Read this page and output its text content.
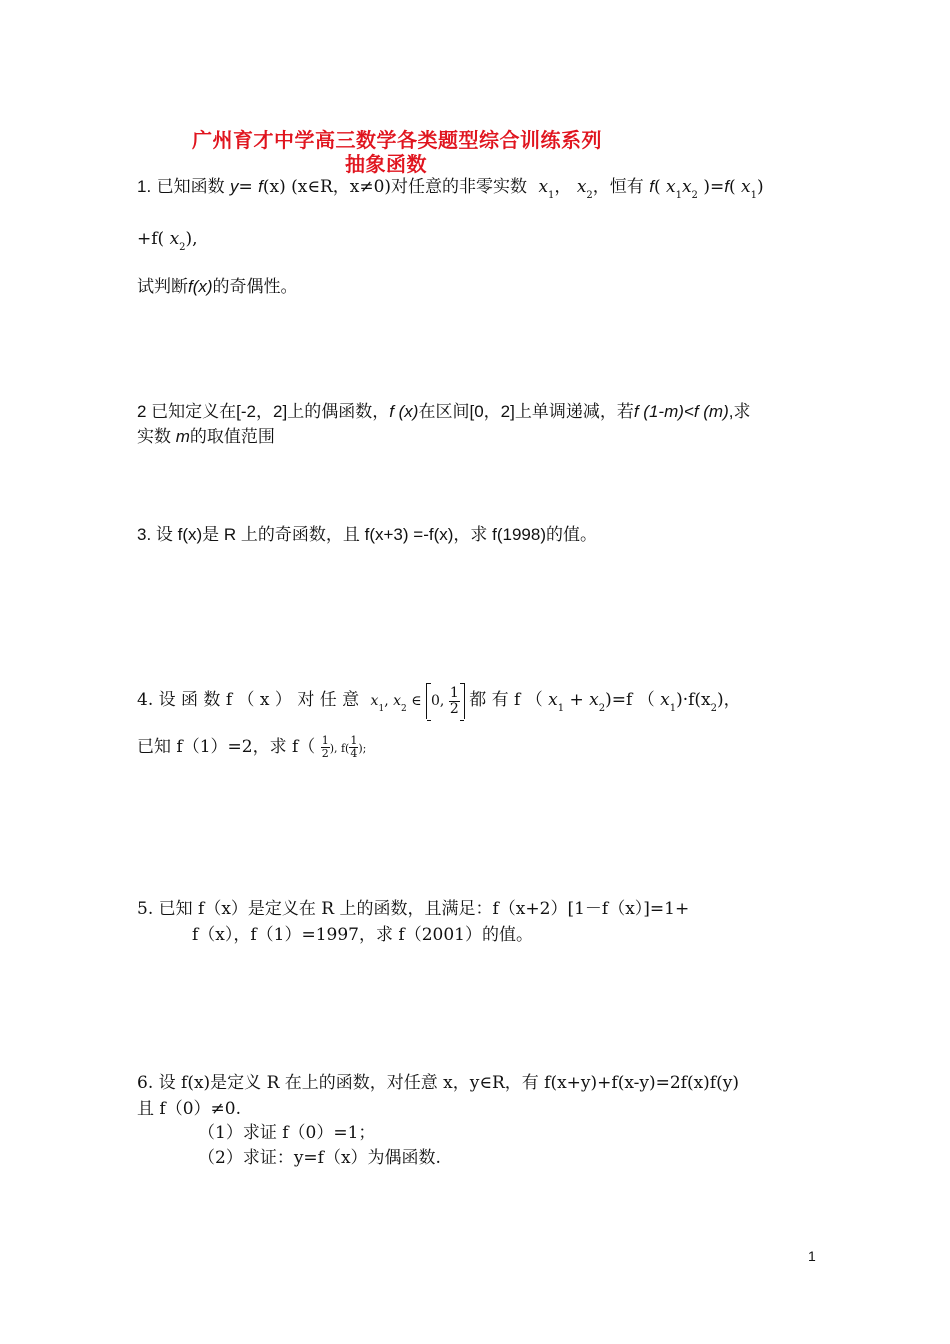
广州育才中学高三数学各类题型综合训练系列
抽象函数
1. 已知函数 y= f(x) (x∈R，x≠0)对任意的非零实数 $x_1$， $x_2$，恒有 f( $x_1x_2$ )=f( $x_1$)
+f( $x_2$),
试判断f(x)的奇偶性。
2 已知定义在[-2，2]上的偶函数，f (x)在区间[0，2]上单调递减，若f (1-m)<f (m),求
实数 m的取值范围
3. 设 f(x)是 R 上的奇函数，且 f(x+3) =-f(x)，求 f(1998)的值。
4. 设 函 数 f （ x ） 对 任 意 $x_1$, $x_2$ ∈ 0, $\frac{1}{2}$ 都 有 f （ $x_1 + x_2)=f$ （ $x_1)\cdot f(x_2)$，
已知 f（1）=2，求 $f( \frac{1}{2}$ ), $f( \frac{1}{4}$ );
5. 已知 f（x）是定义在 R 上的函数，且满足：f（x+2）[1－f（x）]=1+
f（x），f（1）=1997，求 f（2001）的值。
6. 设 f(x)是定义 R 在上的函数，对任意 x，y∈R，有 f(x+y)+f(x-y)=2f(x)f(y)
且 f（0）≠0.
（1）求证 f（0）=1；
（2）求证：y=f（x）为偶函数.
1
